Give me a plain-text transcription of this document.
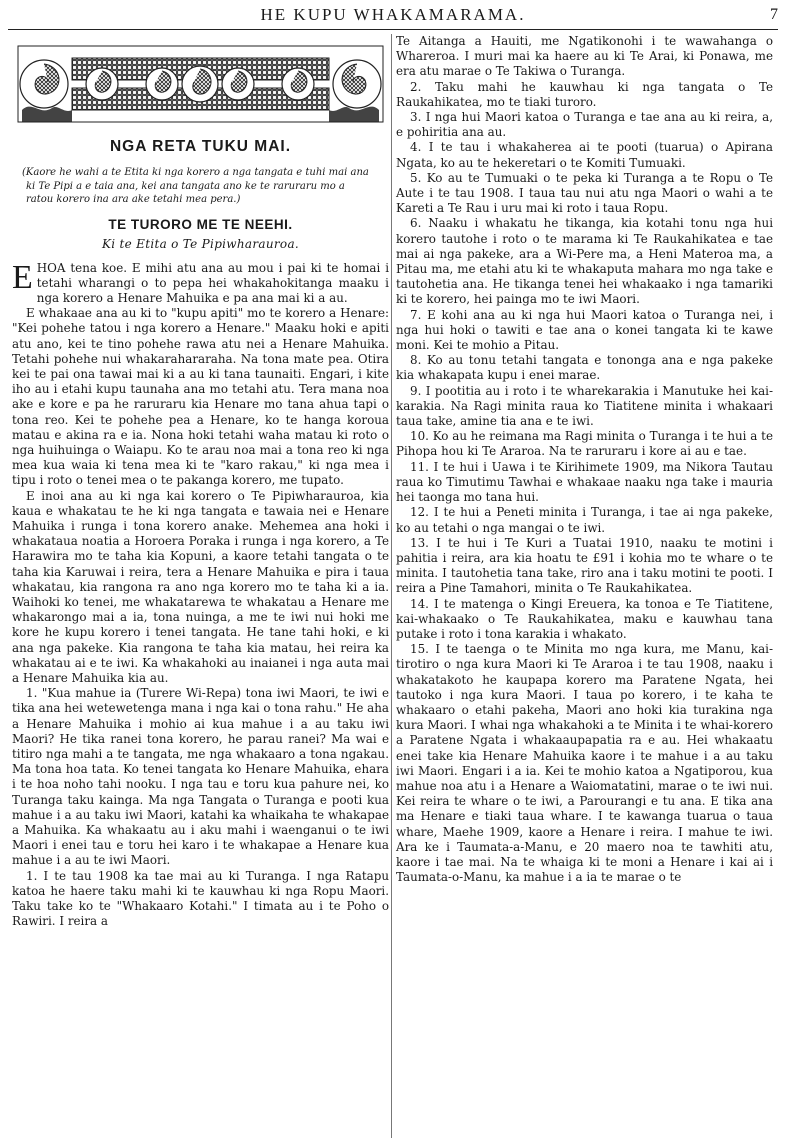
HE KUPU WHAKAMARAMA.	7
NGA RETA TUKU MAI.
(Kaore he wahi a te Etita ki nga korero a nga tangata e tuhi mai ana ki Te Pipi a e taia ana, kei ana tangata ano ke te raruraru mo a ratou korero ina ara ake tetahi mea pera.)
TE TURORO ME TE NEEHI.
Ki te Etita o Te Pipiwharauroa.

EHOA tena koe. E mihi atu ana au mou i pai ki te homai i tetahi wharangi o to pepa hei whakahokitanga maaku i nga korero a Henare Mahuika e pa ana mai ki a au.

E whakaae ana au ki to "kupu apiti" mo te korero a Henare: "Kei pohehe tatou i nga korero a Henare." Maaku hoki e apiti atu ano, kei te tino pohehe rawa atu nei a Henare Mahuika. Tetahi pohehe nui whakarahararaha. Na tona mate pea. Otira kei te pai ona tawai mai ki a au ki tana taunaiti. Engari, i kite iho au i etahi kupu taunaha ana mo tetahi atu. Tera mana noa ake e kore e pa he raruraru kia Henare mo tana ahua tapi o tona reo. Kei te pohehe pea a Henare, ko te hanga koroua matau e akina ra e ia. Nona hoki tetahi waha matau ki roto o nga huihuinga o Waiapu. Ko te arau noa mai a tona reo ki nga mea kua waia ki tena mea ki te "karo rakau," ki nga mea i tipu i roto o tenei mea o te pakanga korero, me tupato.

E inoi ana au ki nga kai korero o Te Pipiwharauroa, kia kaua e whakatau te he ki nga tangata e tawaia nei e Henare Mahuika i runga i tona korero anake. Mehemea ana hoki i whakataua noatia a Horoera Poraka i runga i nga korero, a Te Harawira mo te taha kia Kopuni, a kaore tetahi tangata o te taha kia Karuwai i reira, tera a Henare Mahuika e pira i taua whakatau, kia rangona ra ano nga korero mo te taha ki a ia. Waihoki ko tenei, me whakatarewa te whakatau a Henare me whakarongo mai a ia, tona nuinga, a me te iwi nui hoki me kore he kupu korero i tenei tangata. He tane tahi hoki, e ki ana nga pakeke. Kia rangona te taha kia matau, hei reira ka whakatau ai e te iwi. Ka whakahoki au inaianei i nga auta mai a Henare Mahuika kia au.

1. "Kua mahue ia (Turere Wi-Repa) tona iwi Maori, te iwi e tika ana hei wetewetenga mana i nga kai o tona rahu." He aha a Henare Mahuika i mohio ai kua mahue i a au taku iwi Maori? He tika ranei tona korero, he parau ranei? Ma wai e titiro nga mahi a te tangata, me nga whakaaro a tona ngakau. Ma tona hoa tata. Ko tenei tangata ko Henare Mahuika, ehara i te hoa noho tahi nooku. I nga tau e toru kua pahure nei, ko Turanga taku kainga. Ma nga Tangata o Turanga e pooti kua mahue i a au taku iwi Maori, katahi ka whaikaha te whakapae a Mahuika. Ka whakaatu au i aku mahi i waenganui o te iwi Maori i enei tau e toru hei karo i te whakapae a Henare kua mahue i a au te iwi Maori.

1. I te tau 1908 ka tae mai au ki Turanga. I nga Ratapu katoa he haere taku mahi ki te kauwhau ki nga Ropu Maori. Taku take ko te "Whakaaro Kotahi." I timata au i te Poho o Rawiri. I reira a

Te Aitanga a Hauiti, me Ngatikonohi i te wawahanga o Whareroa. I muri mai ka haere au ki Te Arai, ki Ponawa, me era atu marae o Te Takiwa o Turanga.

2. Taku mahi he kauwhau ki nga tangata o Te Raukahikatea, mo te tiaki turoro.

3. I nga hui Maori katoa o Turanga e tae ana au ki reira, a, e pohiritia ana au.

4. I te tau i whakaherea ai te pooti (tuarua) o Apirana Ngata, ko au te hekeretari o te Komiti Tumuaki.

5. Ko au te Tumuaki o te peka ki Turanga a te Ropu o Te Aute i te tau 1908. I taua tau nui atu nga Maori o wahi a te Kareti a Te Rau i uru mai ki roto i taua Ropu.

6. Naaku i whakatu he tikanga, kia kotahi tonu nga hui korero tautohe i roto o te marama ki Te Raukahikatea e tae mai ai nga pakeke, ara a Wi-Pere ma, a Heni Materoa ma, a Pitau ma, me etahi atu ki te whakaputa mahara mo nga take e tautohetia ana. He tikanga tenei hei whakaako i nga tamariki ki te korero, hei painga mo te iwi Maori.

7. E kohi ana au ki nga hui Maori katoa o Turanga nei, i nga hui hoki o tawiti e tae ana o konei tangata ki te kawe moni. Kei te mohio a Pitau.

8. Ko au tonu tetahi tangata e tononga ana e nga pakeke kia whakapata kupu i enei marae.

9. I pootitia au i roto i te wharekarakia i Manutuke hei kai-karakia. Na Ragi minita raua ko Tiatitene minita i whakaari taua take, amine tia ana e te iwi.

10. Ko au he reimana ma Ragi minita o Turanga i te hui a te Pihopa hou ki Te Araroa. Na te raruraru i kore ai au e tae.

11. I te hui i Uawa i te Kirihimete 1909, ma Nikora Tautau raua ko Timutimu Tawhai e whakaae naaku nga take i mauria hei taonga mo tana hui.

12. I te hui a Peneti minita i Turanga, i tae ai nga pakeke, ko au tetahi o nga mangai o te iwi.

13. I te hui i Te Kuri a Tuatai 1910, naaku te motini i pahitia i reira, ara kia hoatu te £91 i kohia mo te whare o te minita. I tautohetia tana take, riro ana i taku motini te pooti. I reira a Pine Tamahori, minita o Te Raukahikatea.

14. I te matenga o Kingi Ereuera, ka tonoa e Te Tiatitene, kai-whakaako o Te Raukahikatea, maku e kauwhau tana putake i roto i tona karakia i whakato.

15. I te taenga o te Minita mo nga kura, me Manu, kai-tirotiro o nga kura Maori ki Te Araroa i te tau 1908, naaku i whakatakoto he kaupapa korero ma Paratene Ngata, hei tautoko i nga kura Maori. I taua po korero, i te kaha te whakaaro o etahi pakeha, Maori ano hoki kia turakina nga kura Maori. I whai nga whakahoki a te Minita i te whai-korero a Paratene Ngata i whakaaupapatia ra e au. Hei whakaatu enei take kia Henare Mahuika kaore i te mahue i a au taku iwi Maori. Engari i a ia. Kei te mohio katoa a Ngatiporou, kua mahue noa atu i a Henare a Waiomatatini, marae o te iwi nui. Kei reira te whare o te iwi, a Parourangi e tu ana. E tika ana ma Henare e tiaki taua whare. I te kawanga tuarua o taua whare, Maehe 1909, kaore a Henare i reira. I mahue te iwi. Ara ke i Taumata-a-Manu, e 20 maero noa te tawhiti atu, kaore i tae mai. Na te whaiga ki te moni a Henare i kai ai i Taumata-o-Manu, ka mahue i a ia te marae o te
